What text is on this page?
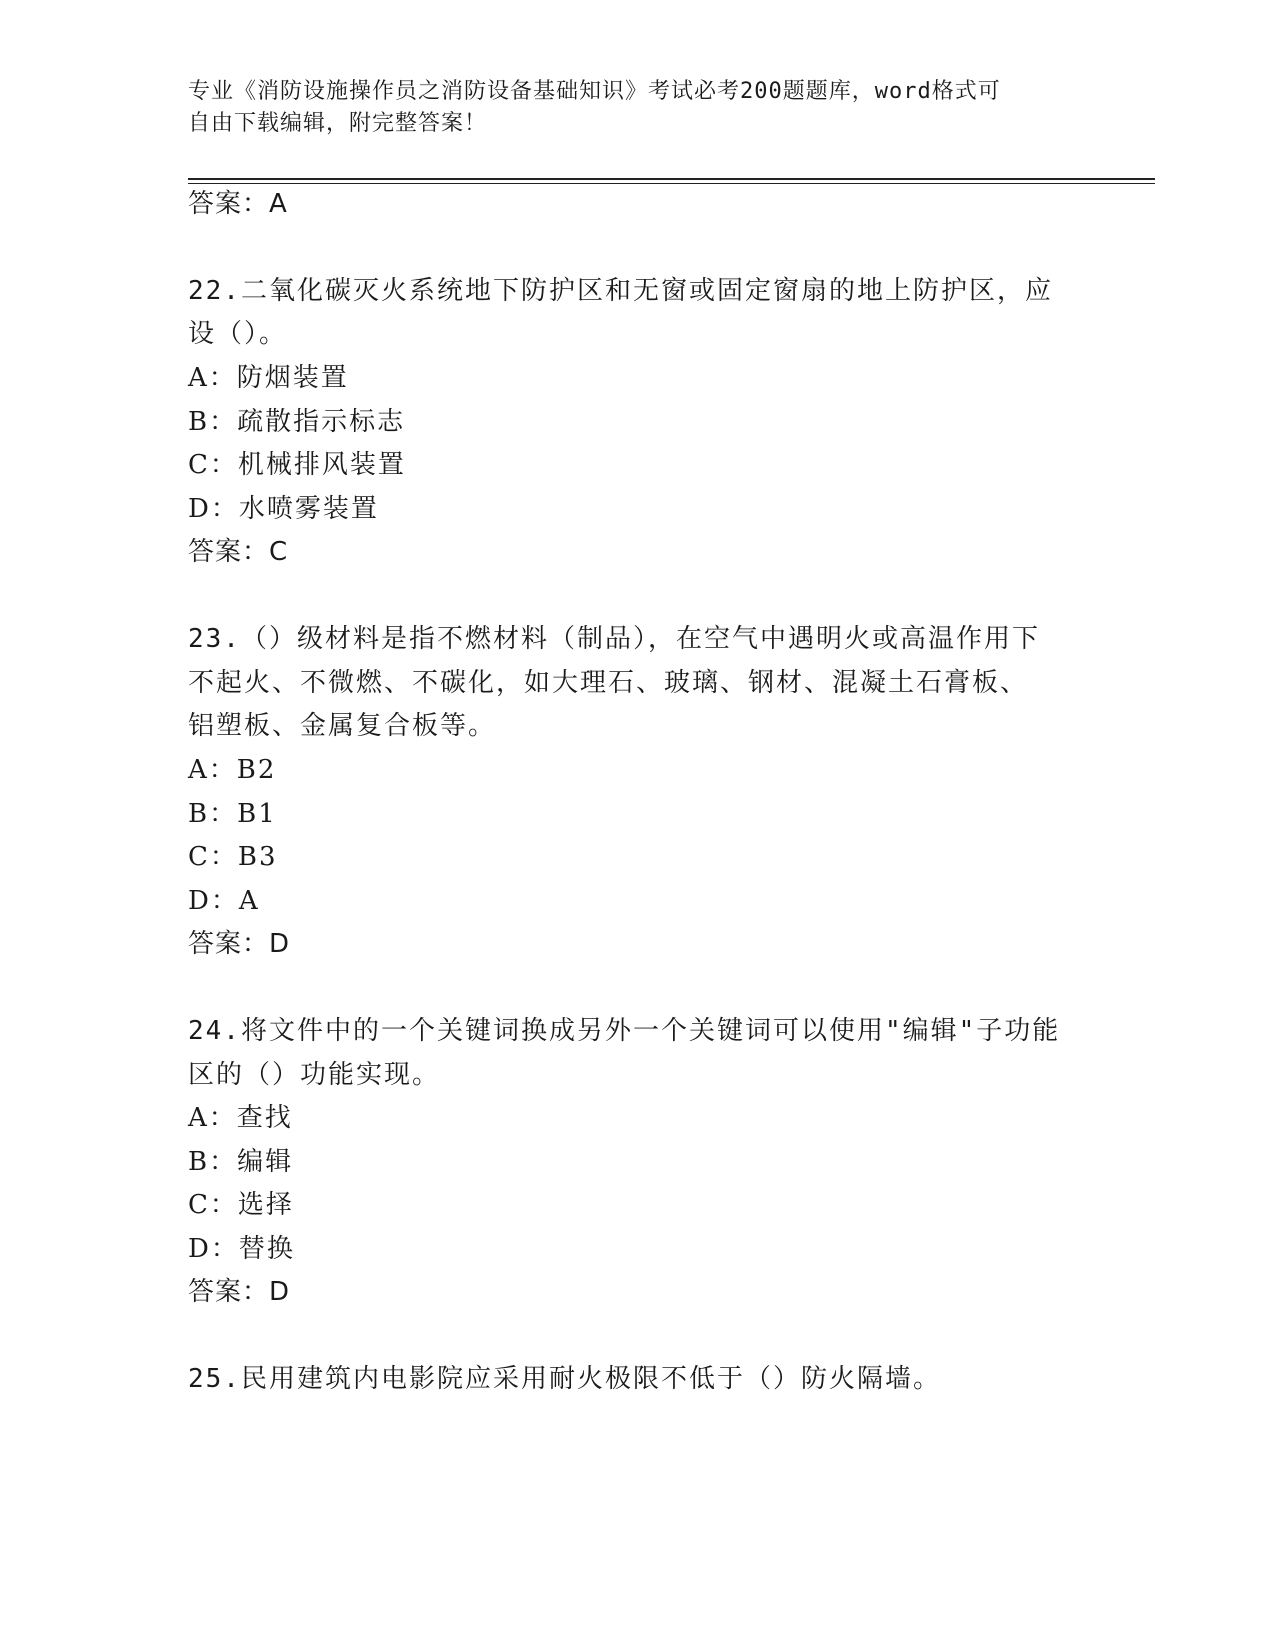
专业《消防设施操作员之消防设备基础知识》考试必考200题题库，word格式可
自由下载编辑，附完整答案！
答案：A
22.二氧化碳灭火系统地下防护区和无窗或固定窗扇的地上防护区，应
设（）。
A：防烟装置
B：疏散指示标志
C：机械排风装置
D：水喷雾装置
答案：C
23.（）级材料是指不燃材料（制品），在空气中遇明火或高温作用下
不起火、不微燃、不碳化，如大理石、玻璃、钢材、混凝土石膏板、
铝塑板、金属复合板等。
A：B2
B：B1
C：B3
D：A
答案：D
24.将文件中的一个关键词换成另外一个关键词可以使用"编辑"子功能
区的（）功能实现。
A：查找
B：编辑
C：选择
D：替换
答案：D
25.民用建筑内电影院应采用耐火极限不低于（）防火隔墙。
